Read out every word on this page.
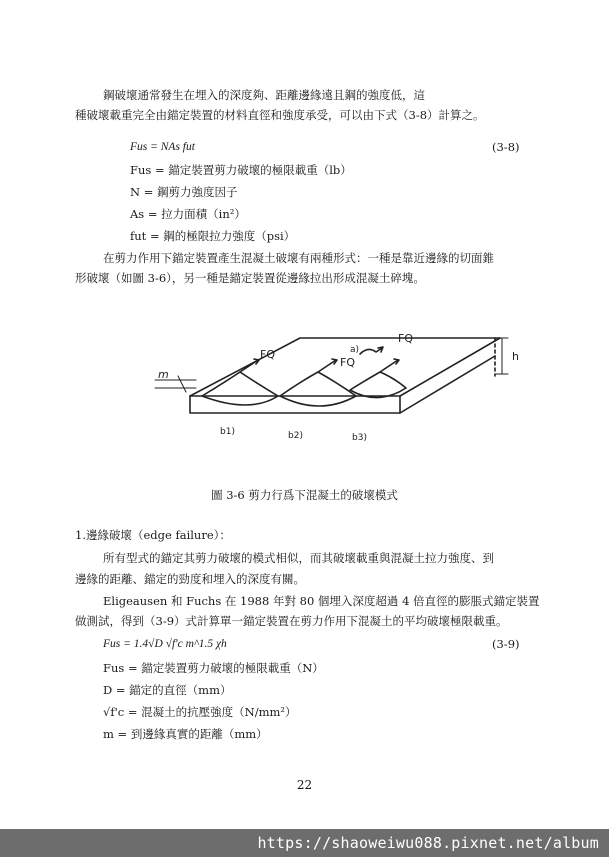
鋼破壞通常發生在埋入的深度夠、距離邊緣遠且鋼的強度低，這
種破壞載重完全由錨定裝置的材料直徑和強度承受，可以由下式（3-8）計算之。
Fus = NAs fut	(3-8)
Fus = 錨定裝置剪力破壞的極限載重（lb）
N = 鋼剪力強度因子
As = 拉力面積（in²）
fut = 鋼的極限拉力強度（psi）
在剪力作用下錨定裝置產生混凝土破壞有兩種形式：一種是靠近邊緣的切面錐
形破壞（如圖 3-6），另一種是錨定裝置從邊緣拉出形成混凝土碎塊。
FQ
FQ
FQ
m
h
a)
b1)	b2)	b3)
圖 3-6 剪力行爲下混凝土的破壞模式
1.邊緣破壞（edge failure）：
所有型式的錨定其剪力破壞的模式相似，而其破壞載重與混凝土拉力強度、到
邊緣的距離、錨定的勁度和埋入的深度有關。
Eligeausen 和 Fuchs 在 1988 年對 80 個埋入深度超過 4 倍直徑的膨脹式錨定裝置
做測試，得到（3-9）式計算單一錨定裝置在剪力作用下混凝土的平均破壞極限載重。
Fus = 1.4√D √f'c m^1.5 χh	(3-9)
Fus = 錨定裝置剪力破壞的極限載重（N）
D = 錨定的直徑（mm）
√f'c = 混凝土的抗壓強度（N/mm²）
m = 到邊緣真實的距離（mm）
22
https://shaoweiwu088.pixnet.net/album
